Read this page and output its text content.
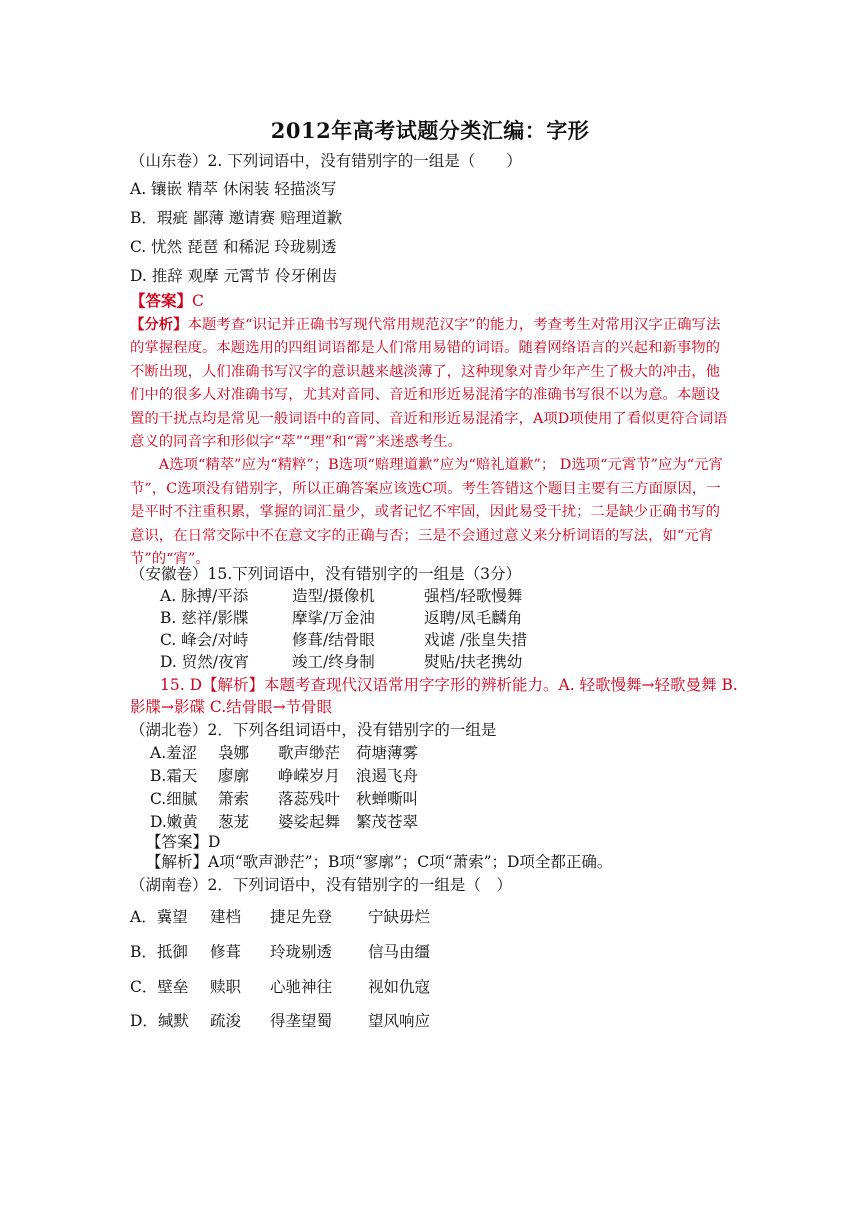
2012年高考试题分类汇编：字形
（山东卷）2. 下列词语中，没有错别字的一组是（　　）
A. 镶嵌 精萃 休闲装 轻描淡写
B．瑕疵 鄙薄 邀请赛 赔理道歉
C. 忧然 琵琶 和稀泥 玲珑剔透
D. 推辞 观摩 元霄节 伶牙俐齿
【答案】C

【分析】本题考查“识记并正确书写现代常用规范汉字”的能力，考查考生对常用汉字正确写法的掌握程度。本题选用的四组词语都是人们常用易错的词语。随着网络语言的兴起和新事物的不断出现，人们准确书写汉字的意识越来越淡薄了，这种现象对青少年产生了极大的冲击，他们中的很多人对准确书写，尤其对音同、音近和形近易混淆字的准确书写很不以为意。本题设置的干扰点均是常见一般词语中的音同、音近和形近易混淆字，A项D项使用了看似更符合词语意义的同音字和形似字“萃”“理”和“霄”来迷惑考生。

A选项“精萃”应为“精粹”；B选项“赔理道歉”应为“赔礼道歉”； D选项“元霄节”应为“元宵节”，C选项没有错别字，所以正确答案应该选C项。考生答错这个题目主要有三方面原因，一是平时不注重积累，掌握的词汇量少，或者记忆不牢固，因此易受干扰；二是缺少正确书写的意识，在日常交际中不在意文字的正确与否；三是不会通过意义来分析词语的写法，如“元宵节”的“宵”。

（安徽卷）15.下列词语中，没有错别字的一组是（3分）
A. 脉搏/平添	造型/摄像机	强档/轻歌慢舞
B. 慈祥/影牒	摩挲/万金油	返聘/凤毛麟角
C. 峰会/对峙	修葺/结骨眼	戏谑 /张皇失措
D. 贸然/夜宵	竣工/终身制	熨贴/扶老携幼
15. D【解析】本题考查现代汉语常用字字形的辨析能力。A. 轻歌慢舞→轻歌曼舞 B.
影牒→影碟 C.结骨眼→节骨眼
（湖北卷）2．下列各组词语中，没有错别字的一组是
A.羞涩 袅娜 歌声缈茫 荷塘薄雾
B.霜天 廖廓 峥嵘岁月 浪遏飞舟
C.细腻 箫索 落蕊残叶 秋蝉嘶叫
D.嫩黄 葱茏 婆娑起舞 繁茂苍翠
【答案】D
【解析】A项“歌声渺茫”；B项“寥廓”；C项“萧索”；D项全都正确。
（湖南卷）2．下列词语中，没有错别字的一组是（　）
A．冀望 建档 捷足先登 宁缺毋烂
B．抵御 修葺 玲珑剔透 信马由缰
C．壁垒 赎职 心驰神往 视如仇寇
D．缄默 疏浚 得垄望蜀 望风响应
